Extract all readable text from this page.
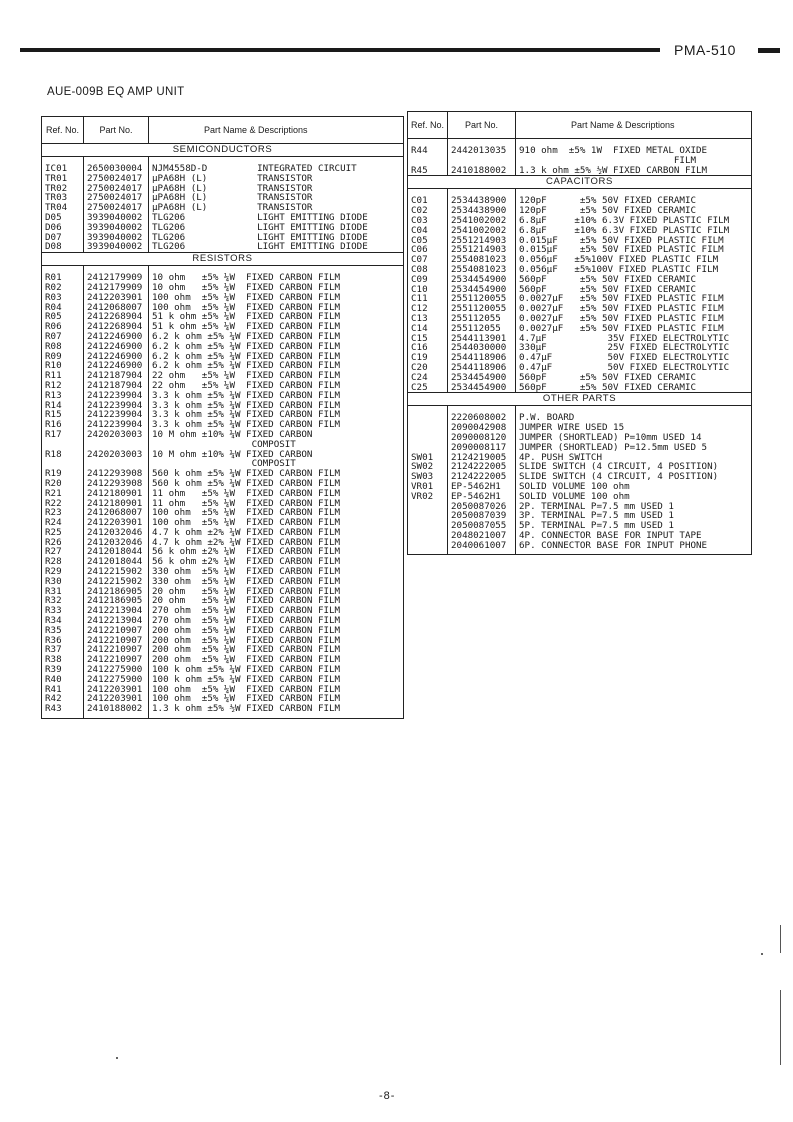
PMA-510
AUE-009B EQ AMP UNIT
Ref. No.	Part No.	Part Name & Descriptions
SEMICONDUCTORS		

IC01	2650030004	NJM4558D-D INTEGRATED CIRCUIT
TR01	2750024017	μPA68H (L) TRANSISTOR
TR02	2750024017	μPA68H (L) TRANSISTOR
TR03	2750024017	μPA68H (L) TRANSISTOR
TR04	2750024017	μPA68H (L) TRANSISTOR
D05	3939040002	TLG206 LIGHT EMITTING DIODE
D06	3939040002	TLG206 LIGHT EMITTING DIODE
D07	3939040002	TLG206 LIGHT EMITTING DIODE
D08	3939040002	TLG206 LIGHT EMITTING DIODE
RESISTORS		

R01	2412179909	10 ohm   ±5% ¼W  FIXED CARBON FILM
R02	2412179909	10 ohm   ±5% ¼W  FIXED CARBON FILM
R03	2412203901	100 ohm  ±5% ¼W  FIXED CARBON FILM
R04	2412068007	100 ohm  ±5% ¼W  FIXED CARBON FILM
R05	2412268904	51 k ohm ±5% ¼W  FIXED CARBON FILM
R06	2412268904	51 k ohm ±5% ¼W  FIXED CARBON FILM
R07	2412246900	6.2 k ohm ±5% ¼W FIXED CARBON FILM
R08	2412246900	6.2 k ohm ±5% ¼W FIXED CARBON FILM
R09	2412246900	6.2 k ohm ±5% ¼W FIXED CARBON FILM
R10	2412246900	6.2 k ohm ±5% ¼W FIXED CARBON FILM
R11	2412187904	22 ohm   ±5% ¼W  FIXED CARBON FILM
R12	2412187904	22 ohm   ±5% ¼W  FIXED CARBON FILM
R13	2412239904	3.3 k ohm ±5% ¼W FIXED CARBON FILM
R14	2412239904	3.3 k ohm ±5% ¼W FIXED CARBON FILM
R15	2412239904	3.3 k ohm ±5% ¼W FIXED CARBON FILM
R16	2412239904	3.3 k ohm ±5% ¼W FIXED CARBON FILM
R17	2420203003	10 M ohm ±10% ¼W FIXED CARBON
		COMPOSIT
R18	2420203003	10 M ohm ±10% ¼W FIXED CARBON
		COMPOSIT
R19	2412293908	560 k ohm ±5% ¼W FIXED CARBON FILM
R20	2412293908	560 k ohm ±5% ¼W FIXED CARBON FILM
R21	2412180901	11 ohm   ±5% ¼W  FIXED CARBON FILM
R22	2412180901	11 ohm   ±5% ¼W  FIXED CARBON FILM
R23	2412068007	100 ohm  ±5% ¼W  FIXED CARBON FILM
R24	2412203901	100 ohm  ±5% ¼W  FIXED CARBON FILM
R25	2412032046	4.7 k ohm ±2% ¼W FIXED CARBON FILM
R26	2412032046	4.7 k ohm ±2% ¼W FIXED CARBON FILM
R27	2412018044	56 k ohm ±2% ¼W  FIXED CARBON FILM
R28	2412018044	56 k ohm ±2% ¼W  FIXED CARBON FILM
R29	2412215902	330 ohm  ±5% ¼W  FIXED CARBON FILM
R30	2412215902	330 ohm  ±5% ¼W  FIXED CARBON FILM
R31	2412186905	20 ohm   ±5% ¼W  FIXED CARBON FILM
R32	2412186905	20 ohm   ±5% ¼W  FIXED CARBON FILM
R33	2412213904	270 ohm  ±5% ¼W  FIXED CARBON FILM
R34	2412213904	270 ohm  ±5% ¼W  FIXED CARBON FILM
R35	2412210907	200 ohm  ±5% ¼W  FIXED CARBON FILM
R36	2412210907	200 ohm  ±5% ¼W  FIXED CARBON FILM
R37	2412210907	200 ohm  ±5% ¼W  FIXED CARBON FILM
R38	2412210907	200 ohm  ±5% ¼W  FIXED CARBON FILM
R39	2412275900	100 k ohm ±5% ¼W FIXED CARBON FILM
R40	2412275900	100 k ohm ±5% ¼W FIXED CARBON FILM
R41	2412203901	100 ohm  ±5% ¼W  FIXED CARBON FILM
R42	2412203901	100 ohm  ±5% ¼W  FIXED CARBON FILM
R43	2410188002	1.3 k ohm ±5% ½W FIXED CARBON FILM

Ref. No.	Part No.	Part Name & Descriptions

R44	2442013035	910 ohm  ±5% 1W  FIXED METAL OXIDE
		FILM
R45	2410188002	1.3 k ohm ±5% ½W FIXED CARBON FILM
CAPACITORS		

C01	2534438900	120pF      ±5% 50V FIXED CERAMIC
C02	2534438900	120pF      ±5% 50V FIXED CERAMIC
C03	2541002002	6.8μF     ±10% 6.3V FIXED PLASTIC FILM
C04	2541002002	6.8μF     ±10% 6.3V FIXED PLASTIC FILM
C05	2551214903	0.015μF    ±5% 50V FIXED PLASTIC FILM
C06	2551214903	0.015μF    ±5% 50V FIXED PLASTIC FILM
C07	2554081023	0.056μF   ±5%100V FIXED PLASTIC FILM
C08	2554081023	0.056μF   ±5%100V FIXED PLASTIC FILM
C09	2534454900	560pF      ±5% 50V FIXED CERAMIC
C10	2534454900	560pF      ±5% 50V FIXED CERAMIC
C11	2551120055	0.0027μF   ±5% 50V FIXED PLASTIC FILM
C12	2551120055	0.0027μF   ±5% 50V FIXED PLASTIC FILM
C13	255112055	0.0027μF   ±5% 50V FIXED PLASTIC FILM
C14	255112055	0.0027μF   ±5% 50V FIXED PLASTIC FILM
C15	2544113901	4.7μF           35V FIXED ELECTROLYTIC
C16	2544030000	330μF           25V FIXED ELECTROLYTIC
C19	2544118906	0.47μF          50V FIXED ELECTROLYTIC
C20	2544118906	0.47μF          50V FIXED ELECTROLYTIC
C24	2534454900	560pF      ±5% 50V FIXED CERAMIC
C25	2534454900	560pF      ±5% 50V FIXED CERAMIC
OTHER PARTS		

	2220608002	P.W. BOARD
	2090042908	JUMPER WIRE USED 15
	2090008120	JUMPER (SHORTLEAD) P=10mm USED 14
	2090008117	JUMPER (SHORTLEAD) P=12.5mm USED 5
SW01	2124219005	4P. PUSH SWITCH
SW02	2124222005	SLIDE SWITCH (4 CIRCUIT, 4 POSITION)
SW03	2124222005	SLIDE SWITCH (4 CIRCUIT, 4 POSITION)
VR01	EP-5462H1	SOLID VOLUME 100 ohm
VR02	EP-5462H1	SOLID VOLUME 100 ohm
	2050087026	2P. TERMINAL P=7.5 mm USED 1
	2050087039	3P. TERMINAL P=7.5 mm USED 1
	2050087055	5P. TERMINAL P=7.5 mm USED 1
	2048021007	4P. CONNECTOR BASE FOR INPUT TAPE
	2040061007	6P. CONNECTOR BASE FOR INPUT PHONE

-8-
